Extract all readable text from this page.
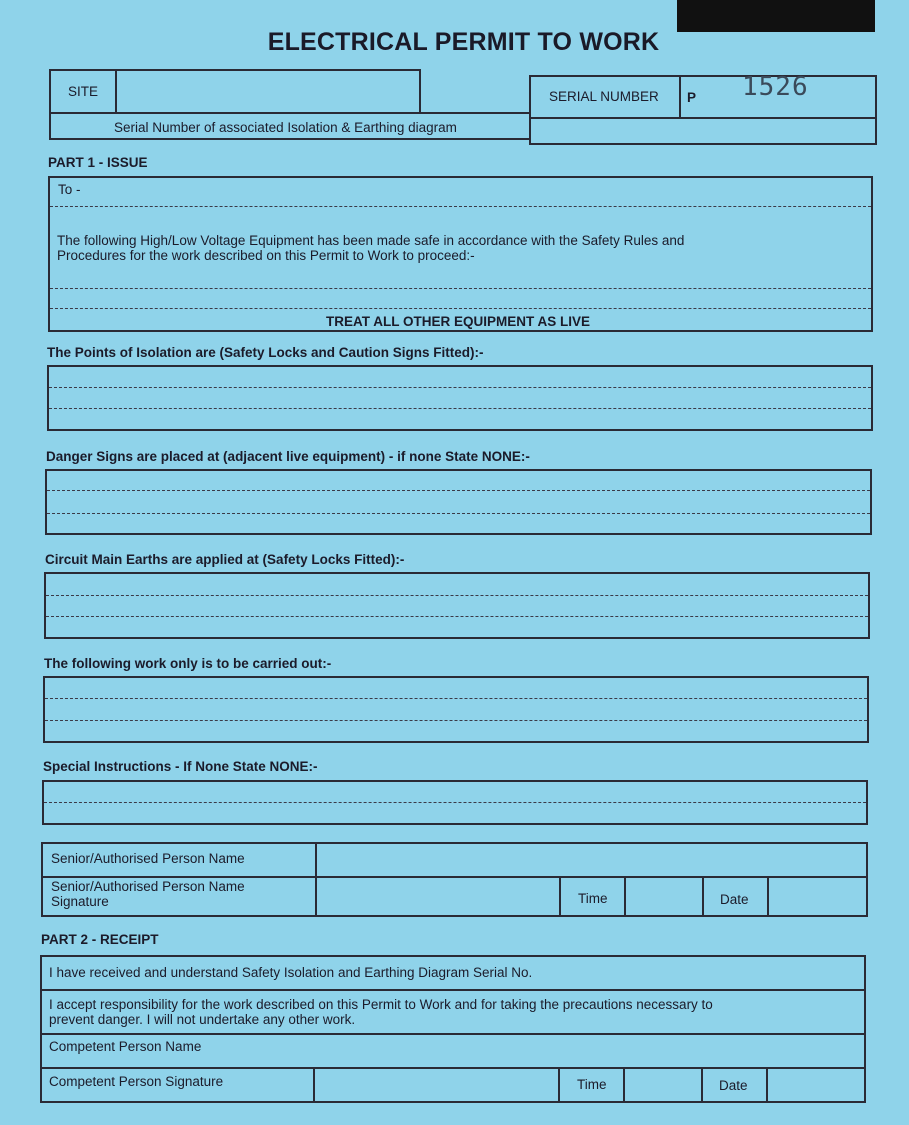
ELECTRICAL PERMIT TO WORK
SITE
Serial Number of associated Isolation & Earthing diagram
SERIAL NUMBER P 1526
PART 1 - ISSUE
To -
The following High/Low Voltage Equipment has been made safe in accordance with the Safety Rules and Procedures for the work described on this Permit to Work to proceed:-
TREAT ALL OTHER EQUIPMENT AS LIVE
The Points of Isolation are (Safety Locks and Caution Signs Fitted):-
Danger Signs are placed at (adjacent live equipment) - if none State NONE:-
Circuit Main Earths are applied at (Safety Locks Fitted):-
The following work only is to be carried out:-
Special Instructions - If None State NONE:-
Senior/Authorised Person Name
Senior/Authorised Person Name Signature	Time	Date
PART 2 - RECEIPT
I have received and understand Safety Isolation and Earthing Diagram Serial No.
I accept responsibility for the work described on this Permit to Work and for taking the precautions necessary to prevent danger. I will not undertake any other work.
Competent Person Name
Competent Person Signature	Time	Date
